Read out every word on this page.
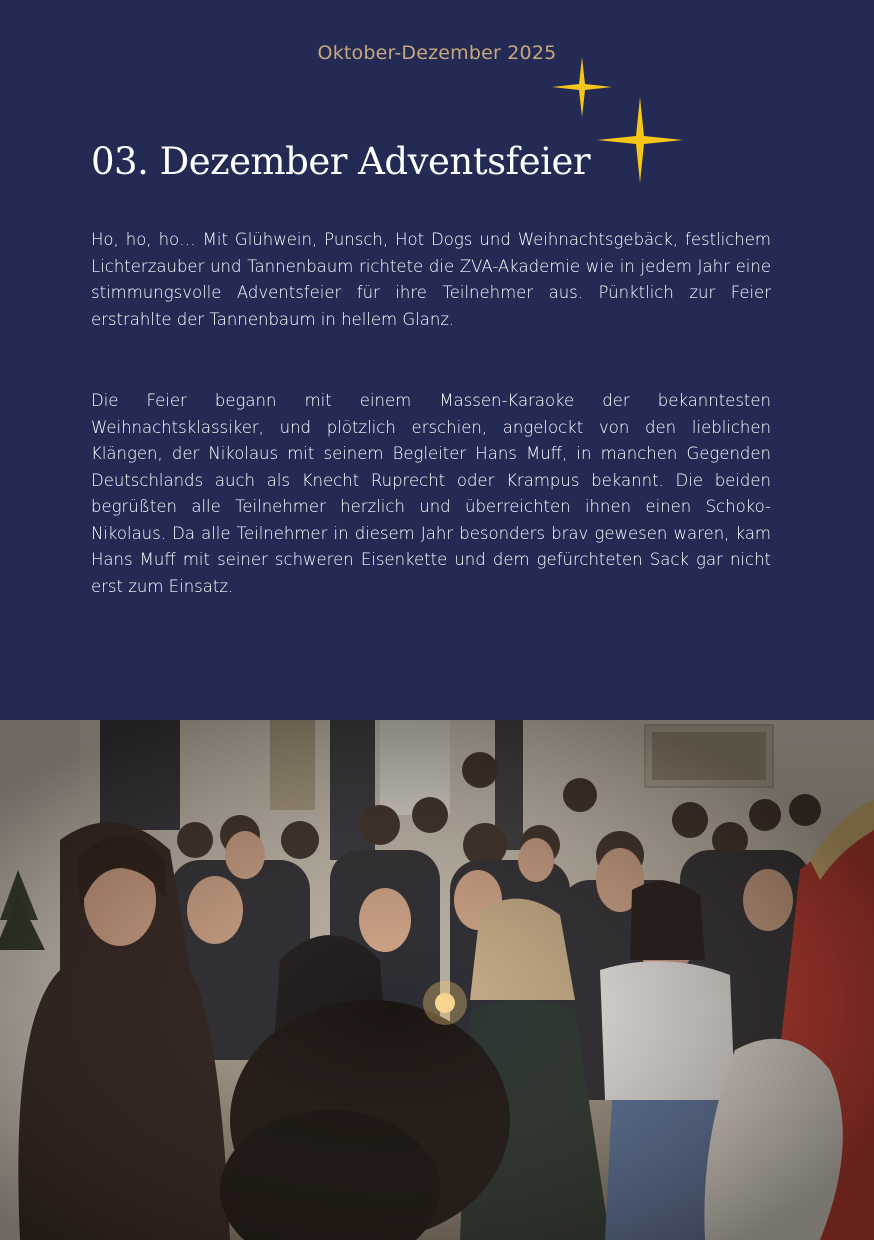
Oktober-Dezember 2025
03. Dezember Adventsfeier

Ho, ho, ho… Mit Glühwein, Punsch, Hot Dogs und Weihnachtsgebäck, festlichem Lichterzauber und Tannenbaum richtete die ZVA-Akademie wie in jedem Jahr eine stimmungsvolle Adventsfeier für ihre Teilnehmer aus. Pünktlich zur Feier erstrahlte der Tannenbaum in hellem Glanz.

Die Feier begann mit einem Massen-Karaoke der bekanntesten Weihnachtsklassiker, und plötzlich erschien, angelockt von den lieblichen Klängen, der Nikolaus mit seinem Begleiter Hans Muff, in manchen Gegenden Deutschlands auch als Knecht Ruprecht oder Krampus bekannt. Die beiden begrüßten alle Teilnehmer herzlich und überreichten ihnen einen Schoko-Nikolaus. Da alle Teilnehmer in diesem Jahr besonders brav gewesen waren, kam Hans Muff mit seiner schweren Eisenkette und dem gefürchteten Sack gar nicht erst zum Einsatz.
